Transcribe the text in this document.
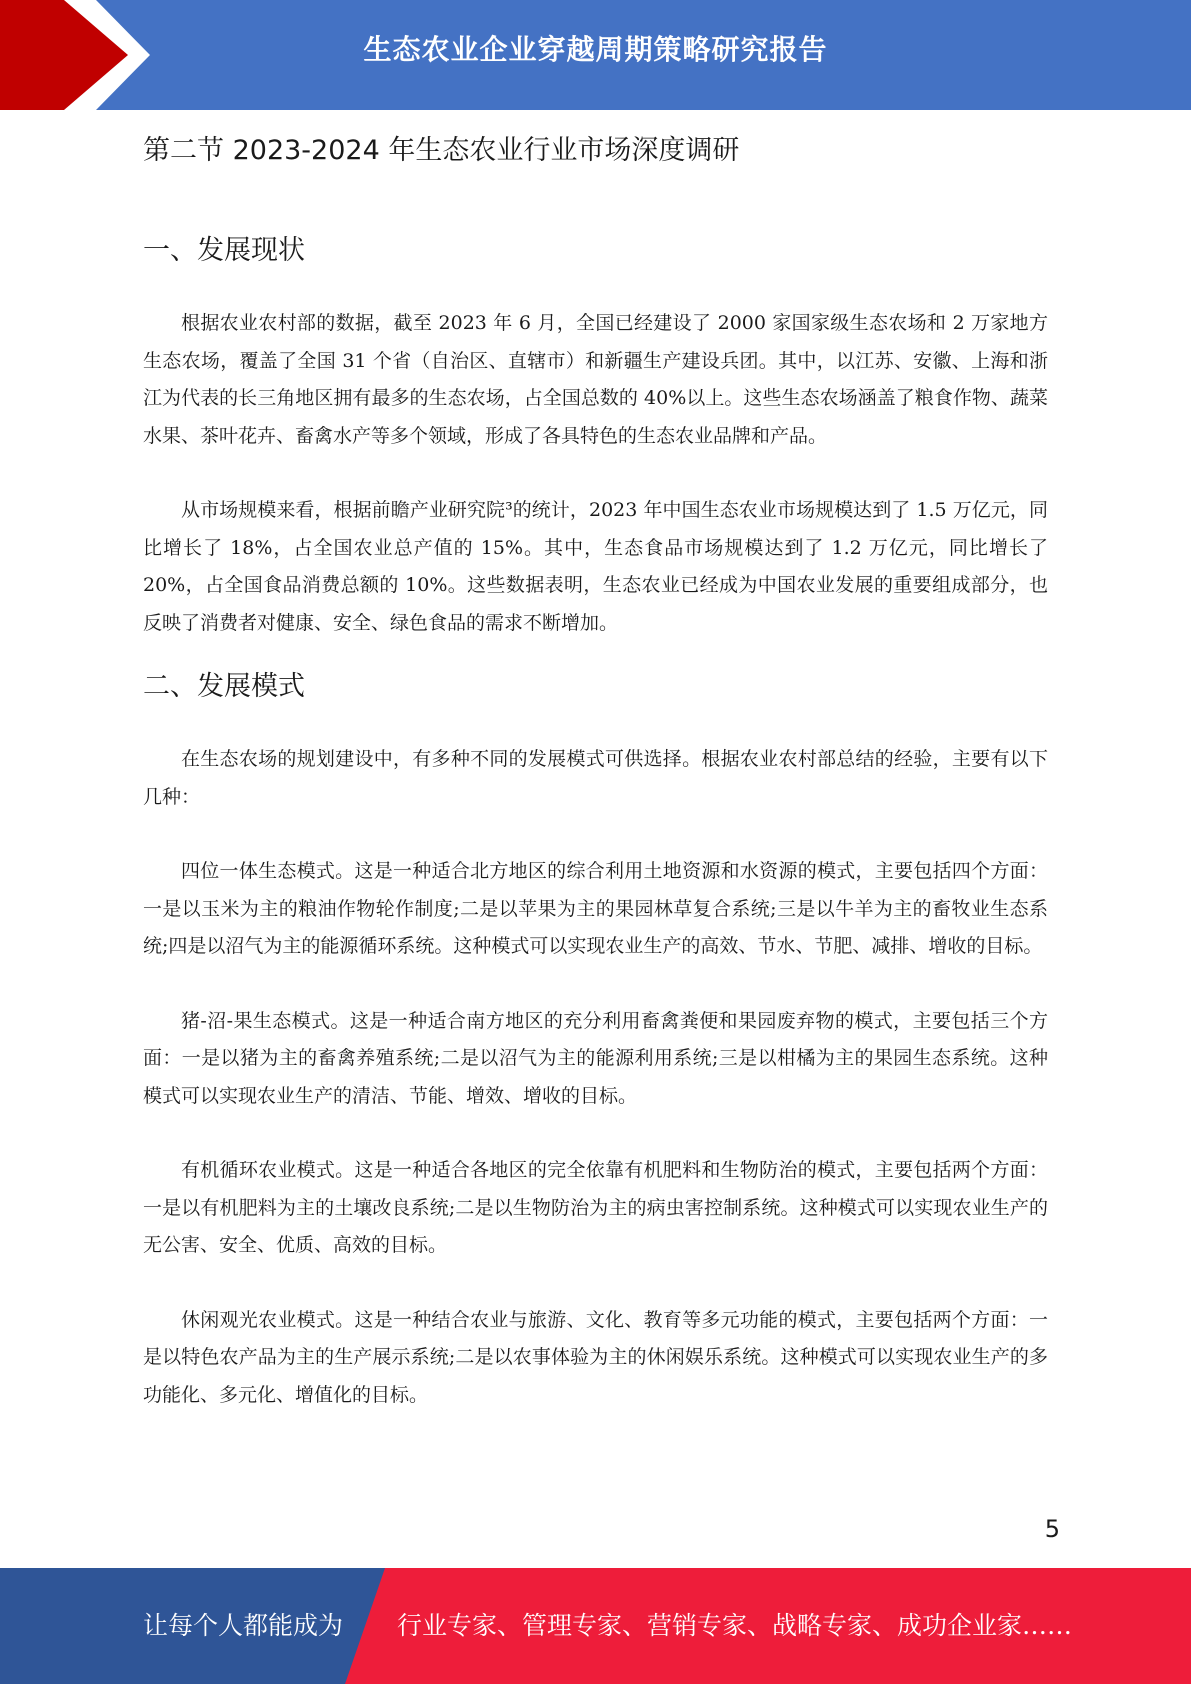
生态农业企业穿越周期策略研究报告
第二节 2023-2024 年生态农业行业市场深度调研
一、发展现状

根据农业农村部的数据，截至 2023 年 6 月，全国已经建设了 2000 家国家级生态农场和 2 万家地方生态农场，覆盖了全国 31 个省（自治区、直辖市）和新疆生产建设兵团。其中，以江苏、安徽、上海和浙江为代表的长三角地区拥有最多的生态农场，占全国总数的 40%以上。这些生态农场涵盖了粮食作物、蔬菜水果、茶叶花卉、畜禽水产等多个领域，形成了各具特色的生态农业品牌和产品。

从市场规模来看，根据前瞻产业研究院³的统计，2023 年中国生态农业市场规模达到了 1.5 万亿元，同比增长了 18%，占全国农业总产值的 15%。其中，生态食品市场规模达到了 1.2 万亿元，同比增长了 20%，占全国食品消费总额的 10%。这些数据表明，生态农业已经成为中国农业发展的重要组成部分，也反映了消费者对健康、安全、绿色食品的需求不断增加。

二、发展模式

在生态农场的规划建设中，有多种不同的发展模式可供选择。根据农业农村部总结的经验，主要有以下几种：

四位一体生态模式。这是一种适合北方地区的综合利用土地资源和水资源的模式，主要包括四个方面：一是以玉米为主的粮油作物轮作制度;二是以苹果为主的果园林草复合系统;三是以牛羊为主的畜牧业生态系统;四是以沼气为主的能源循环系统。这种模式可以实现农业生产的高效、节水、节肥、减排、增收的目标。

猪-沼-果生态模式。这是一种适合南方地区的充分利用畜禽粪便和果园废弃物的模式，主要包括三个方面：一是以猪为主的畜禽养殖系统;二是以沼气为主的能源利用系统;三是以柑橘为主的果园生态系统。这种模式可以实现农业生产的清洁、节能、增效、增收的目标。

有机循环农业模式。这是一种适合各地区的完全依靠有机肥料和生物防治的模式，主要包括两个方面：一是以有机肥料为主的土壤改良系统;二是以生物防治为主的病虫害控制系统。这种模式可以实现农业生产的无公害、安全、优质、高效的目标。

休闲观光农业模式。这是一种结合农业与旅游、文化、教育等多元功能的模式，主要包括两个方面：一是以特色农产品为主的生产展示系统;二是以农事体验为主的休闲娱乐系统。这种模式可以实现农业生产的多功能化、多元化、增值化的目标。

5
让每个人都能成为 行业专家、管理专家、营销专家、战略专家、成功企业家……
